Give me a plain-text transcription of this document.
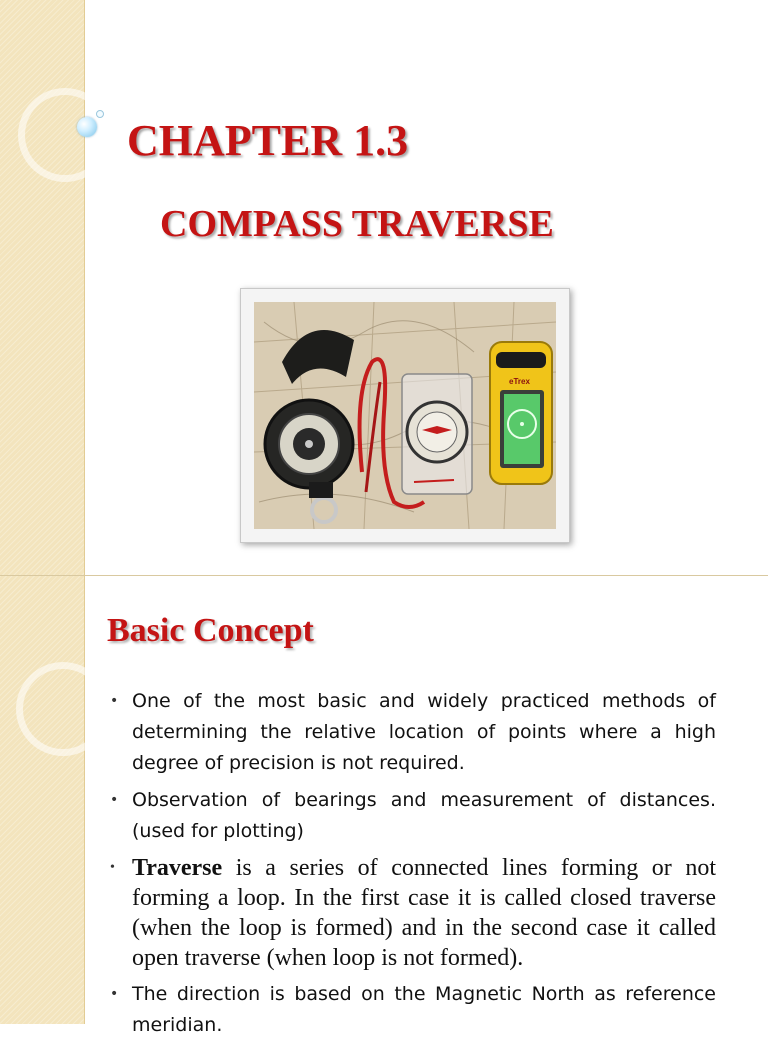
CHAPTER 1.3
COMPASS TRAVERSE
eTrex
Basic Concept
• One of the most basic and widely practiced methods of determining the relative location of points where a high degree of precision is not required.
• Observation of bearings and measurement of distances. (used for plotting)
• Traverse is a series of connected lines forming or not forming a loop. In the first case it is called closed traverse (when the loop is formed) and in the second case it called open traverse (when loop is not formed).
• The direction is based on the Magnetic North as reference meridian.
